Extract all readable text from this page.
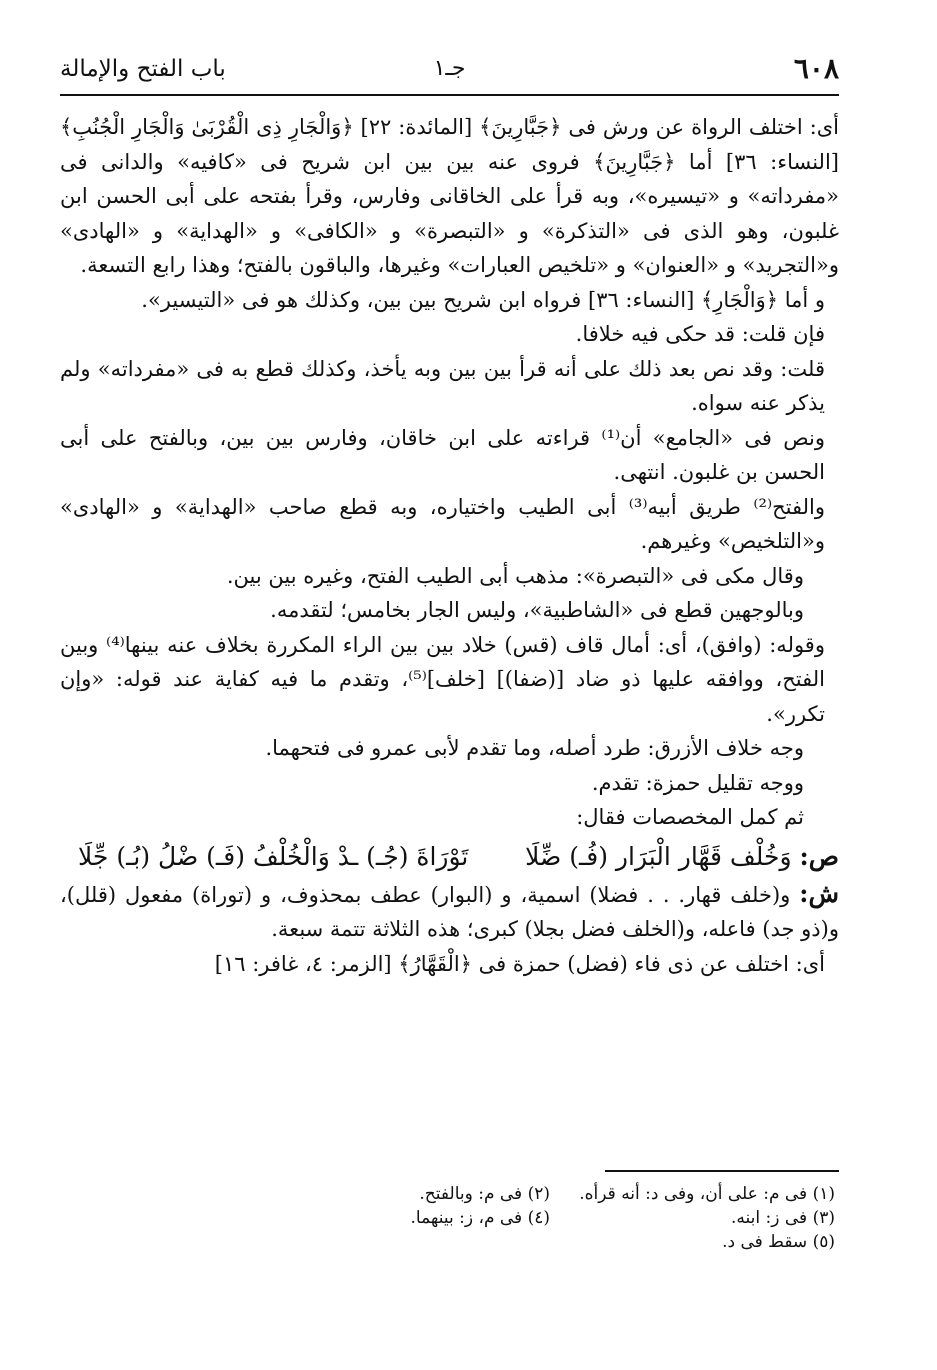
٦٠٨
جـ١
باب الفتح والإمالة

أى: اختلف الرواة عن ورش فى ﴿جَبَّارِينَ﴾ [المائدة: ٢٢] ﴿وَالْجَارِ ذِى الْقُرْبَىٰ وَالْجَارِ الْجُنُبِ﴾ [النساء: ٣٦] أما ﴿جَبَّارِينَ﴾ فروى عنه بين بين ابن شريح فى «كافيه» والدانى فى «مفرداته» و «تيسيره»، وبه قرأ على الخاقانى وفارس، وقرأ بفتحه على أبى الحسن ابن غلبون، وهو الذى فى «التذكرة» و «التبصرة» و «الكافى» و «الهداية» و «الهادى» و«التجريد» و «العنوان» و «تلخيص العبارات» وغيرها، والباقون بالفتح؛ وهذا رابع التسعة.

و أما ﴿وَالْجَارِ﴾ [النساء: ٣٦] فرواه ابن شريح بين بين، وكذلك هو فى «التيسير».

فإن قلت: قد حكى فيه خلافا.

قلت: وقد نص بعد ذلك على أنه قرأ بين بين وبه يأخذ، وكذلك قطع به فى «مفرداته» ولم يذكر عنه سواه.

ونص فى «الجامع» أن⁽¹⁾ قراءته على ابن خاقان، وفارس بين بين، وبالفتح على أبى الحسن بن غلبون. انتهى.

والفتح⁽²⁾ طريق أبيه⁽³⁾ أبى الطيب واختياره، وبه قطع صاحب «الهداية» و «الهادى» و«التلخيص» وغيرهم.

وقال مكى فى «التبصرة»: مذهب أبى الطيب الفتح، وغيره بين بين.

وبالوجهين قطع فى «الشاطبية»، وليس الجار بخامس؛ لتقدمه.

وقوله: (وافق)، أى: أمال قاف (قس) خلاد بين بين الراء المكررة بخلاف عنه بينها⁽⁴⁾ وبين الفتح، ووافقه عليها ذو ضاد [(ضفا)] [خلف]⁽⁵⁾، وتقدم ما فيه كفاية عند قوله: «وإن تكرر».

وجه خلاف الأزرق: طرد أصله، وما تقدم لأبى عمرو فى فتحهما.

ووجه تقليل حمزة: تقدم.

ثم كمل المخصصات فقال:

ص: وَخُلْف قَهَّار الْبَرَار (فُـ) ضِّلَا
تَوْرَاةَ (جُـ) ـدْ وَالْخُلْفُ (فَـ) ضْلُ (بُـ) جِّلَا

ش: و(خلف قهار. . . فضلا) اسمية، و (البوار) عطف بمحذوف، و (توراة) مفعول (قلل)، و(ذو جد) فاعله، و(الخلف فضل بجلا) كبرى؛ هذه الثلاثة تتمة سبعة.

أى: اختلف عن ذى فاء (فضل) حمزة فى ﴿الْقَهَّارُ﴾ [الزمر: ٤، غافر: ١٦]

(١) فى م: على أن، وفى د: أنه قرأه.
(٢) فى م: وبالفتح.
(٣) فى ز: ابنه.
(٤) فى م، ز: بينهما.
(٥) سقط فى د.
